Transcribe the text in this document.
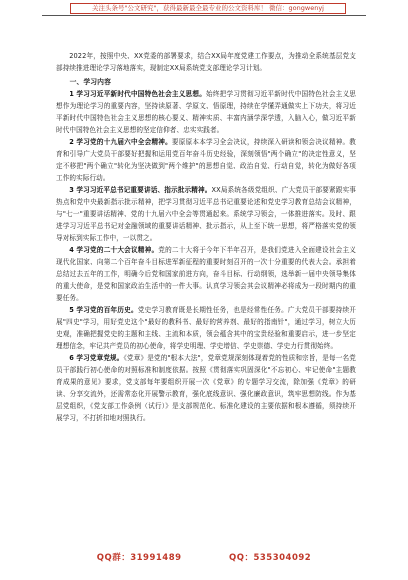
关注头条号"公文研究"，获得最新最全最专业的公文资料库！ 微信：gongwenyj

2022年，按照中央、XX党委的部署要求，结合XX局年度党建工作要点，为推动全系统基层党支部持续推进理论学习落地落实，现制定XX局系统党支部理论学习计划。

一、学习内容

1 学习习近平新时代中国特色社会主义思想。始终把学习贯彻习近平新时代中国特色社会主义思想作为理论学习的重要内容，坚持读原著、学原文、悟原理，持续在学懂弄通做实上下功夫，将习近平新时代中国特色社会主义思想的核心要义、精神实质、丰富内涵学深学透，入脑入心，做习近平新时代中国特色社会主义思想的坚定信仰者、忠实实践者。

2 学习党的十九届六中全会精神。要原原本本学习全会决议，持续深入研读和领会决议精神。教育和引导广大党员干部要好把握和运用党百年奋斗历史经验，深刻领悟"两个确立"的决定性意义，坚定不移把"两个确立"转化为坚决做到"两个维护"的思想自觉、政治自觉、行动自觉，转化为做好各项工作的实际行动。

3 学习习近平总书记重要讲话、指示批示精神。XX局系统各级党组织、广大党员干部要紧跟实事热点和党中央最新指示批示精神，把学习贯彻习近平总书记重要论述和党史学习教育总结会议精神，与"七一"重要讲话精神、党的十九届六中全会等贯通起来。系统学习领会，一体推进落实。及时、跟进学习习近平总书记对金融领域的重要讲话精神、批示指示，从上至下统一思想，将严格落实党的领导对标到实际工作中，一以贯之。

4 学习党的二十大会议精神。党的二十大将于今年下半年召开，是我们党进入全面建设社会主义现代化国家、向第二个百年奋斗目标进军新征程的重要时刻召开的一次十分重要的代表大会。承担着总结过去五年的工作，明确今后党和国家前进方向，奋斗目标、行动纲领，选举新一届中央领导集体的重大使命，是党和国家政治生活中的一件大事。认真学习领会其会议精神必将成为一段时期内的重要任务。

5 学习党的百年历史。党史学习教育既是长期性任务，也是经常性任务。广大党员干部要持续开展"四史"学习，用好党史这个"最好的教科书、最好的营养剂、最好的指南针"，通过学习，树立大历史观，准确把握党史的主题和主线、主流和本质，领会蕴含其中的宝贵经验和重要启示，进一步坚定理想信念，牢记共产党员的初心使命，将学史明理、学史增信、学史崇德、学史力行贯彻始终。

6 学习党章党规。《党章》是党的"根本大法"，党章党规深刻体现着党的性质和宗旨，是每一名党员干部践行初心使命的对照标准和制度依据。按照《贯彻落实巩固深化"不忘初心、牢记使命"主题教育成果的意见》要求，党支部每年要组织开展一次《党章》的专题学习交流，除加强《党章》的研读、分享交流外，还需常态化开展警示教育，强化底线意识、强化廉政意识，筑牢思想防线。作为基层党组织，《党支部工作条例（试行）》是支部规范化、标准化建设的主要依据和根本遵循，须持续开展学习，不打折扣地对照执行。

QQ群：31991489	QQ：535304092
